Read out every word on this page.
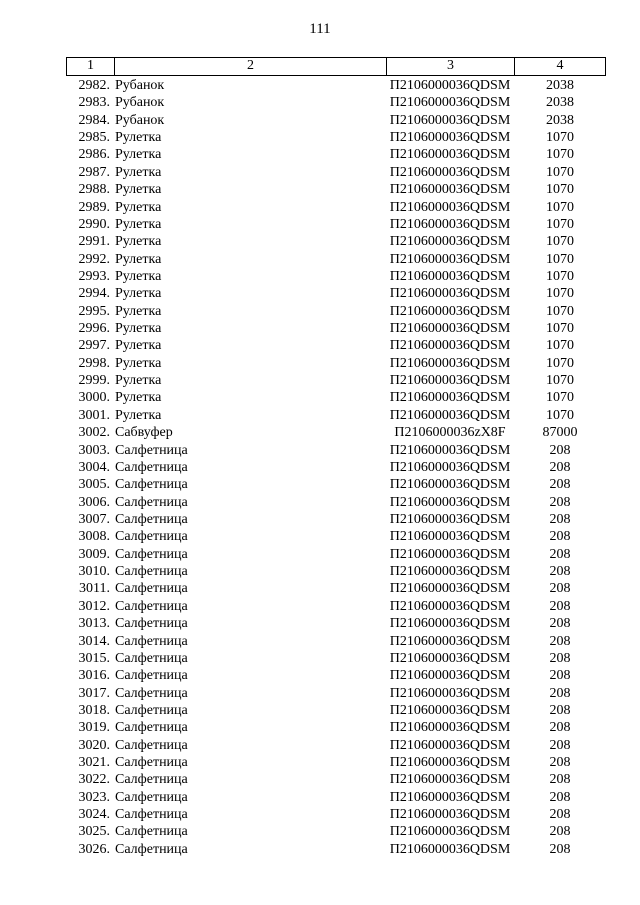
111
1	2	3	4
2982. Рубанок	П2106000036QDSM	2038
2983. Рубанок	П2106000036QDSM	2038
2984. Рубанок	П2106000036QDSM	2038
2985. Рулетка	П2106000036QDSM	1070
2986. Рулетка	П2106000036QDSM	1070
2987. Рулетка	П2106000036QDSM	1070
2988. Рулетка	П2106000036QDSM	1070
2989. Рулетка	П2106000036QDSM	1070
2990. Рулетка	П2106000036QDSM	1070
2991. Рулетка	П2106000036QDSM	1070
2992. Рулетка	П2106000036QDSM	1070
2993. Рулетка	П2106000036QDSM	1070
2994. Рулетка	П2106000036QDSM	1070
2995. Рулетка	П2106000036QDSM	1070
2996. Рулетка	П2106000036QDSM	1070
2997. Рулетка	П2106000036QDSM	1070
2998. Рулетка	П2106000036QDSM	1070
2999. Рулетка	П2106000036QDSM	1070
3000. Рулетка	П2106000036QDSM	1070
3001. Рулетка	П2106000036QDSM	1070
3002. Сабвуфер	П2106000036zX8F	87000
3003. Салфетница	П2106000036QDSM	208
3004. Салфетница	П2106000036QDSM	208
3005. Салфетница	П2106000036QDSM	208
3006. Салфетница	П2106000036QDSM	208
3007. Салфетница	П2106000036QDSM	208
3008. Салфетница	П2106000036QDSM	208
3009. Салфетница	П2106000036QDSM	208
3010. Салфетница	П2106000036QDSM	208
3011. Салфетница	П2106000036QDSM	208
3012. Салфетница	П2106000036QDSM	208
3013. Салфетница	П2106000036QDSM	208
3014. Салфетница	П2106000036QDSM	208
3015. Салфетница	П2106000036QDSM	208
3016. Салфетница	П2106000036QDSM	208
3017. Салфетница	П2106000036QDSM	208
3018. Салфетница	П2106000036QDSM	208
3019. Салфетница	П2106000036QDSM	208
3020. Салфетница	П2106000036QDSM	208
3021. Салфетница	П2106000036QDSM	208
3022. Салфетница	П2106000036QDSM	208
3023. Салфетница	П2106000036QDSM	208
3024. Салфетница	П2106000036QDSM	208
3025. Салфетница	П2106000036QDSM	208
3026. Салфетница	П2106000036QDSM	208
